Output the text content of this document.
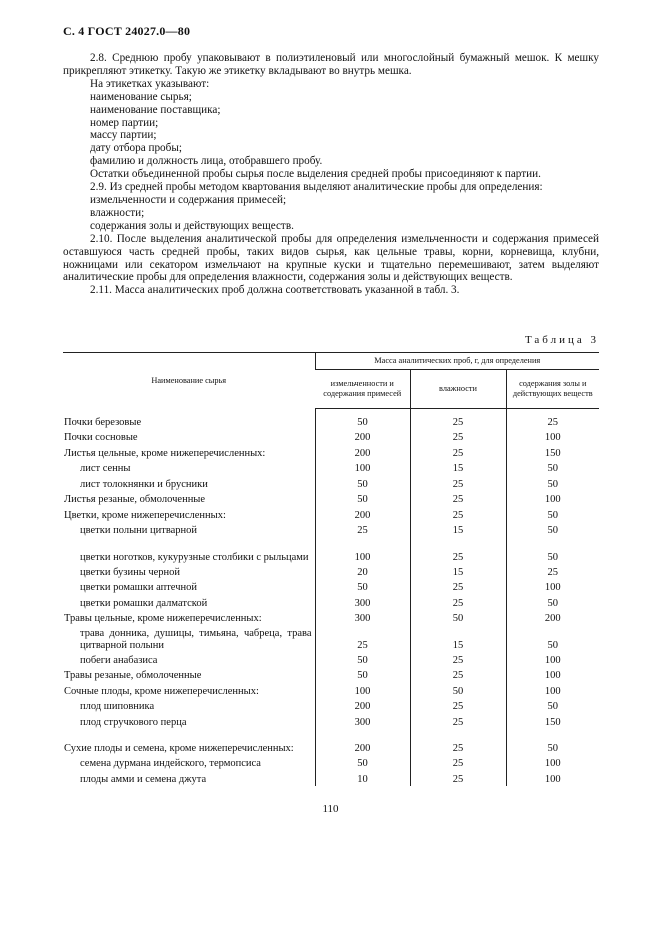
С. 4 ГОСТ 24027.0—80

2.8. Среднюю пробу упаковывают в полиэтиленовый или многослойный бумажный мешок. К мешку прикрепляют этикетку. Такую же этикетку вкладывают во внутрь мешка.

На этикетках указывают:

наименование сырья;

наименование поставщика;

номер партии;

массу партии;

дату отбора пробы;

фамилию и должность лица, отобравшего пробу.

Остатки объединенной пробы сырья после выделения средней пробы присоединяют к партии.

2.9. Из средней пробы методом квартования выделяют аналитические пробы для определения:

измельченности и содержания примесей;

влажности;

содержания золы и действующих веществ.

2.10. После выделения аналитической пробы для определения измельченности и содержания примесей оставшуюся часть средней пробы, таких видов сырья, как цельные травы, корни, корневища, клубни, ножницами или секатором измельчают на крупные куски и тщательно перемешивают, затем выделяют аналитические пробы для определения влажности, содержания золы и действующих веществ.

2.11. Масса аналитических проб должна соответствовать указанной в табл. 3.

Таблица 3
Наименование сырья	Масса аналитических проб, г, для определения		
	измельченности и содержания примесей	влажности	содержания золы и действующих веществ

Почки березовые	50	25	25
Почки сосновые	200	25	100
Листья цельные, кроме нижеперечисленных:	200	25	150
лист сенны	100	15	50
лист толокнянки и брусники	50	25	50
Листья резаные, обмолоченные	50	25	100
Цветки, кроме нижеперечисленных:	200	25	50
цветки полыни цитварной	25	15	50
цветки ноготков, кукурузные столбики с рыльцами	100	25	50
цветки бузины черной	20	15	25
цветки ромашки аптечной	50	25	100
цветки ромашки далматской	300	25	50
Травы цельные, кроме нижеперечисленных:	300	50	200
трава донника, душицы, тимьяна, чабреца, трава цитварной полыни	25	15	50
побеги анабазиса	50	25	100
Травы резаные, обмолоченные	50	25	100
Сочные плоды, кроме нижеперечисленных:	100	50	100
плод шиповника	200	25	50
плод стручкового перца	300	25	150
Сухие плоды и семена, кроме нижеперечисленных:	200	25	50
семена дурмана индейского, термопсиса	50	25	100
плоды амми и семена джута	10	25	100
110
